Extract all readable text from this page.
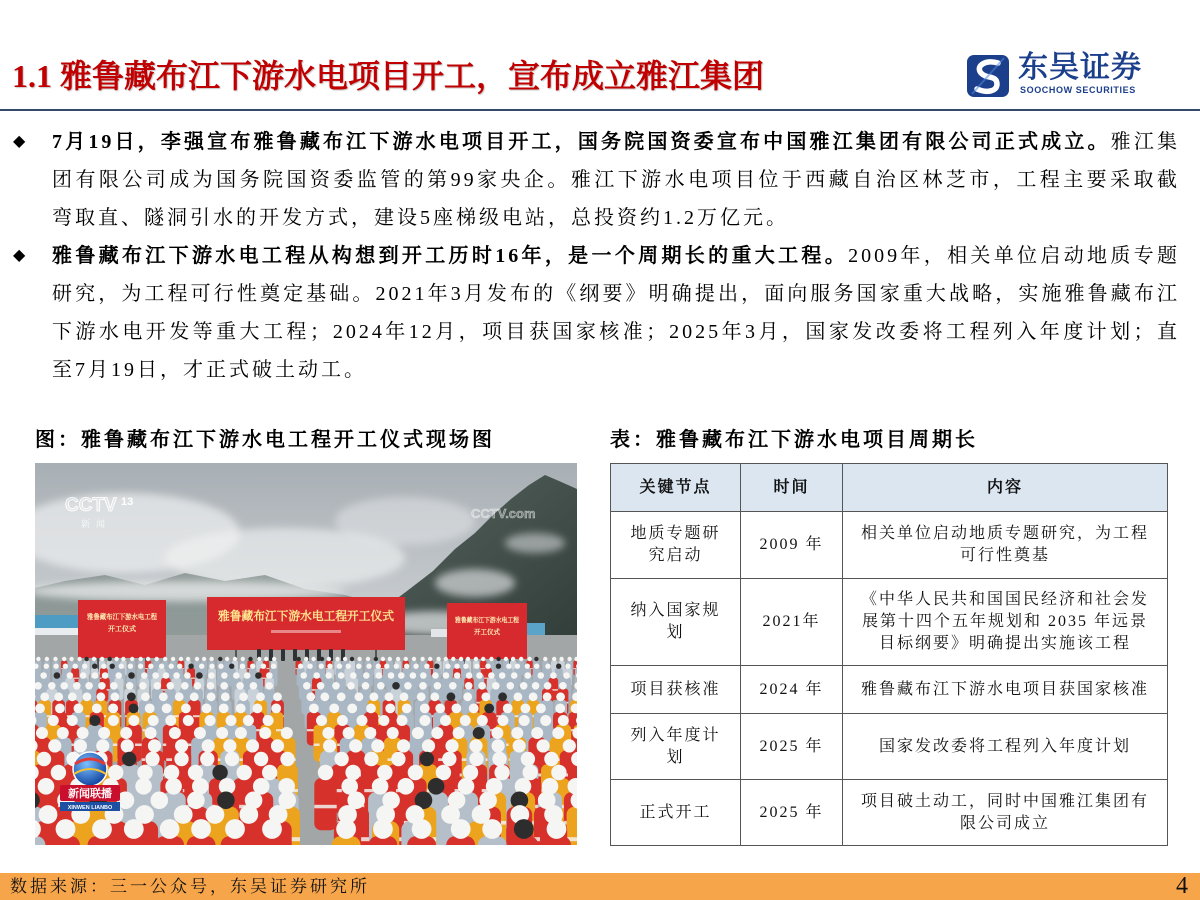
1.1 雅鲁藏布江下游水电项目开工，宣布成立雅江集团	东吴证券
SOOCHOW SECURITIES
◆ 7月19日，李强宣布雅鲁藏布江下游水电项目开工，国务院国资委宣布中国雅江集团有限公司正式成立。雅江集团有限公司成为国务院国资委监管的第99家央企。雅江下游水电项目位于西藏自治区林芝市，工程主要采取截弯取直、隧洞引水的开发方式，建设5座梯级电站，总投资约1.2万亿元。
◆ 雅鲁藏布江下游水电工程从构想到开工历时16年，是一个周期长的重大工程。2009年，相关单位启动地质专题研究，为工程可行性奠定基础。2021年3月发布的《纲要》明确提出，面向服务国家重大战略，实施雅鲁藏布江下游水电开发等重大工程；2024年12月，项目获国家核准；2025年3月，国家发改委将工程列入年度计划；直至7月19日，才正式破土动工。
图：雅鲁藏布江下游水电工程开工仪式现场图	表：雅鲁藏布江下游水电项目周期长
雅鲁藏布江下游水电工程
开工仪式
雅鲁藏布江下游水电工程开工仪式	雅鲁藏布江下游水电工程
开工仪式
CCTV 13
新闻
CCTV.com
新闻联播
XINWEN LIANBO
关键节点	时间	内容
地质专题研究启动	2009 年	相关单位启动地质专题研究，为工程可行性奠基
纳入国家规划	2021年	《中华人民共和国国民经济和社会发展第十四个五年规划和 2035 年远景目标纲要》明确提出实施该工程
项目获核准	2024 年	雅鲁藏布江下游水电项目获国家核准
列入年度计划	2025 年	国家发改委将工程列入年度计划
正式开工	2025 年	项目破土动工，同时中国雅江集团有限公司成立
数据来源：三一公众号，东吴证券研究所	4
